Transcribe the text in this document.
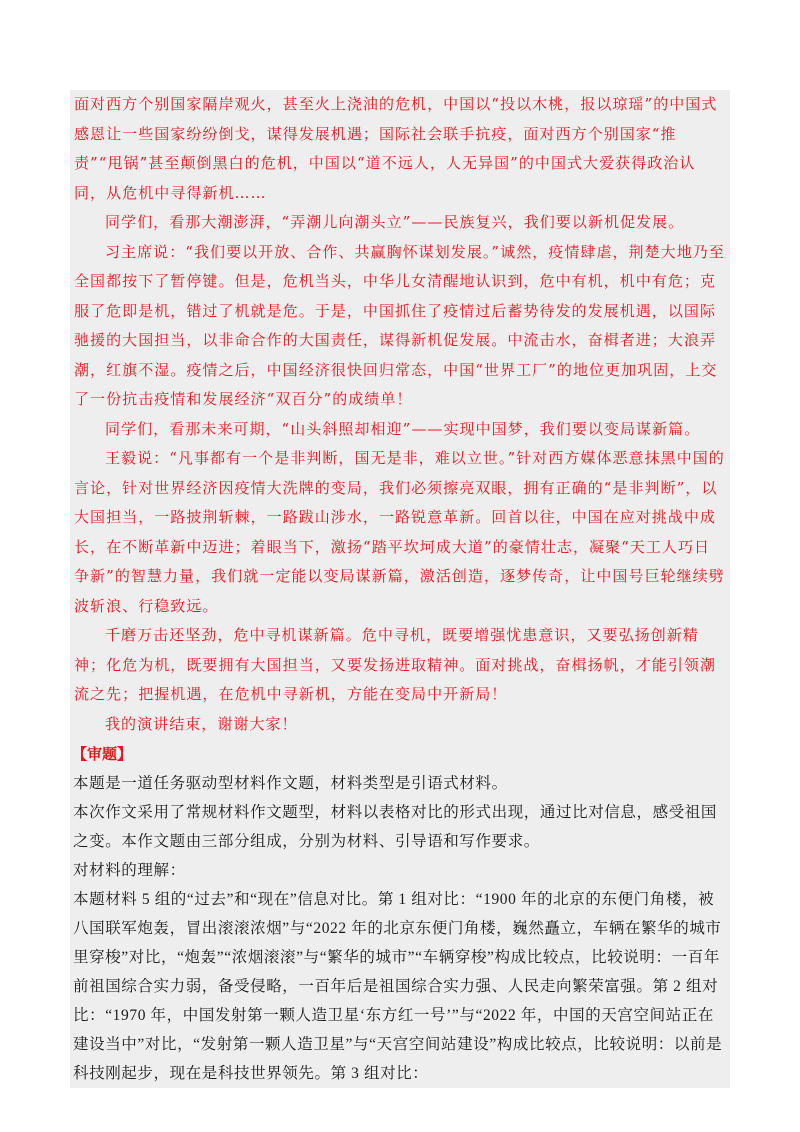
面对西方个别国家隔岸观火，甚至火上浇油的危机，中国以“投以木桃，报以琼瑶”的中国式感恩让一些国家纷纷倒戈，谋得发展机遇；国际社会联手抗疫，面对西方个别国家“推责”“甩锅”甚至颠倒黑白的危机，中国以“道不远人，人无异国”的中国式大爱获得政治认同，从危机中寻得新机……

同学们，看那大潮澎湃，“弄潮儿向潮头立”——民族复兴，我们要以新机促发展。

习主席说：“我们要以开放、合作、共赢胸怀谋划发展。”诚然，疫情肆虐，荆楚大地乃至全国都按下了暂停键。但是，危机当头，中华儿女清醒地认识到，危中有机，机中有危；克服了危即是机，错过了机就是危。于是，中国抓住了疫情过后蓄势待发的发展机遇，以国际驰援的大国担当，以非命合作的大国责任，谋得新机促发展。中流击水，奋楫者进；大浪弄潮，红旗不湿。疫情之后，中国经济很快回归常态，中国“世界工厂”的地位更加巩固，上交了一份抗击疫情和发展经济“双百分”的成绩单！

同学们，看那未来可期，“山头斜照却相迎”——实现中国梦，我们要以变局谋新篇。

王毅说：“凡事都有一个是非判断，国无是非，难以立世。”针对西方媒体恶意抹黑中国的言论，针对世界经济因疫情大洗牌的变局，我们必须擦亮双眼，拥有正确的“是非判断”，以大国担当，一路披荆斩棘，一路跋山涉水，一路锐意革新。回首以往，中国在应对挑战中成长，在不断革新中迈进；着眼当下，激扬“踏平坎坷成大道”的豪情壮志，凝聚“天工人巧日争新”的智慧力量，我们就一定能以变局谋新篇，激活创造，逐梦传奇，让中国号巨轮继续劈波斩浪、行稳致远。

千磨万击还坚劲，危中寻机谋新篇。危中寻机，既要增强忧患意识，又要弘扬创新精神；化危为机，既要拥有大国担当，又要发扬进取精神。面对挑战，奋楫扬帆，才能引领潮流之先；把握机遇，在危机中寻新机，方能在变局中开新局！

我的演讲结束，谢谢大家！

【审题】

本题是一道任务驱动型材料作文题，材料类型是引语式材料。

本次作文采用了常规材料作文题型，材料以表格对比的形式出现，通过比对信息，感受祖国之变。本作文题由三部分组成，分别为材料、引导语和写作要求。

对材料的理解：

本题材料 5 组的“过去”和“现在”信息对比。第 1 组对比：“1900 年的北京的东便门角楼，被八国联军炮轰，冒出滚滚浓烟”与“2022 年的北京东便门角楼，巍然矗立，车辆在繁华的城市里穿梭”对比，“炮轰”“浓烟滚滚”与“繁华的城市”“车辆穿梭”构成比较点，比较说明：一百年前祖国综合实力弱，备受侵略，一百年后是祖国综合实力强、人民走向繁荣富强。第 2 组对比：“1970 年，中国发射第一颗人造卫星‘东方红一号’”与“2022 年，中国的天宫空间站正在建设当中”对比，“发射第一颗人造卫星”与“天宫空间站建设”构成比较点，比较说明：以前是科技刚起步，现在是科技世界领先。第 3 组对比：
